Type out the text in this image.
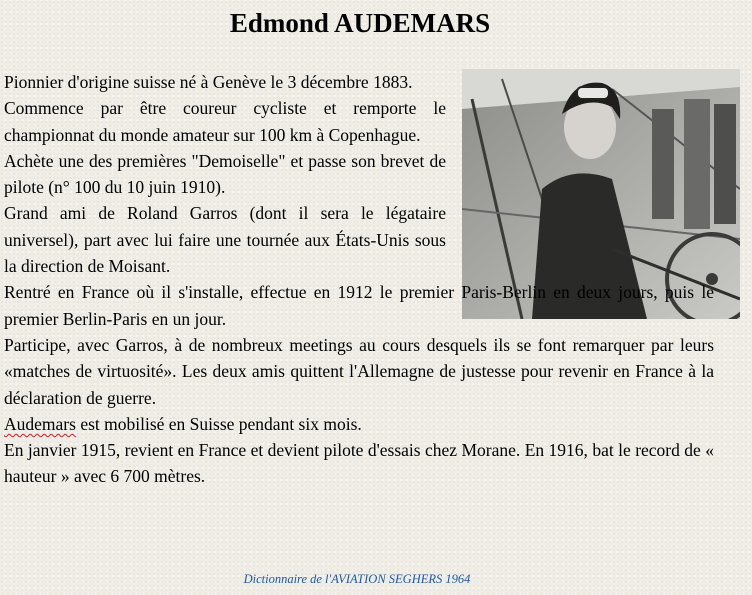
Edmond AUDEMARS

Pionnier d'origine suisse né à Genève le 3 décembre 1883.

Commence par être coureur cycliste et remporte le championnat du monde amateur sur 100 km à Copenhague.

Achète une des premières "Demoiselle" et passe son brevet de pilote (n° 100 du 10 juin 1910).

Grand ami de Roland Garros (dont il sera le légataire universel), part avec lui faire une tournée aux États-Unis sous la direction de Moisant.

Rentré en France où il s'installe, effectue en 1912 le premier Paris-Berlin en deux jours, puis le premier Berlin-Paris en un jour.

Participe, avec Garros, à de nombreux meetings au cours desquels ils se font remarquer par leurs «matches de virtuosité». Les deux amis quittent l'Allemagne de justesse pour revenir en France à la déclaration de guerre.

Audemars est mobilisé en Suisse pendant six mois.

En janvier 1915, revient en France et devient pilote d'essais chez Morane. En 1916, bat le record de « hauteur » avec 6 700 mètres.

Dictionnaire de l'AVIATION SEGHERS 1964
